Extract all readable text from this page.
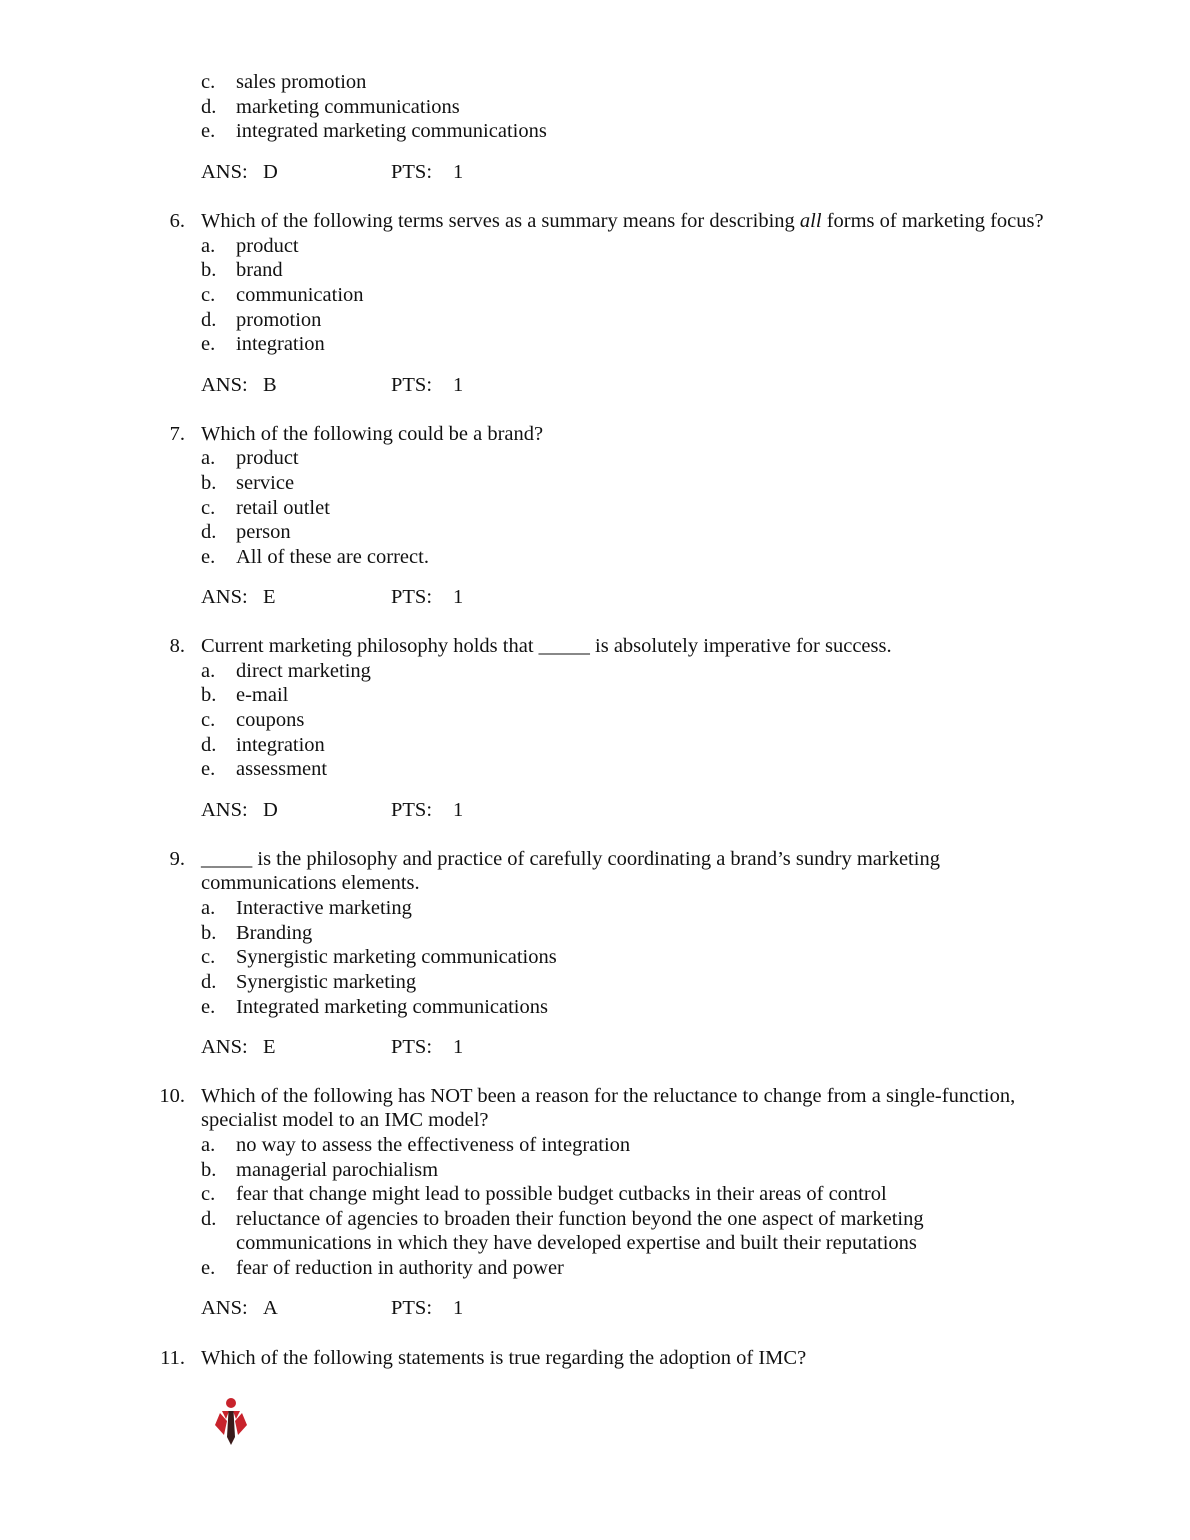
c. sales promotion
d. marketing communications
e. integrated marketing communications
ANS: D	PTS: 1
6. Which of the following terms serves as a summary means for describing all forms of marketing focus?
a. product
b. brand
c. communication
d. promotion
e. integration
ANS: B	PTS: 1
7. Which of the following could be a brand?
a. product
b. service
c. retail outlet
d. person
e. All of these are correct.
ANS: E	PTS: 1
8. Current marketing philosophy holds that _____ is absolutely imperative for success.
a. direct marketing
b. e-mail
c. coupons
d. integration
e. assessment
ANS: D	PTS: 1
9. _____ is the philosophy and practice of carefully coordinating a brand’s sundry marketing
communications elements.
a. Interactive marketing
b. Branding
c. Synergistic marketing communications
d. Synergistic marketing
e. Integrated marketing communications
ANS: E	PTS: 1
10. Which of the following has NOT been a reason for the reluctance to change from a single-function,
specialist model to an IMC model?
a. no way to assess the effectiveness of integration
b. managerial parochialism
c. fear that change might lead to possible budget cutbacks in their areas of control
d. reluctance of agencies to broaden their function beyond the one aspect of marketing
communications in which they have developed expertise and built their reputations
e. fear of reduction in authority and power
ANS: A	PTS: 1
11. Which of the following statements is true regarding the adoption of IMC?
